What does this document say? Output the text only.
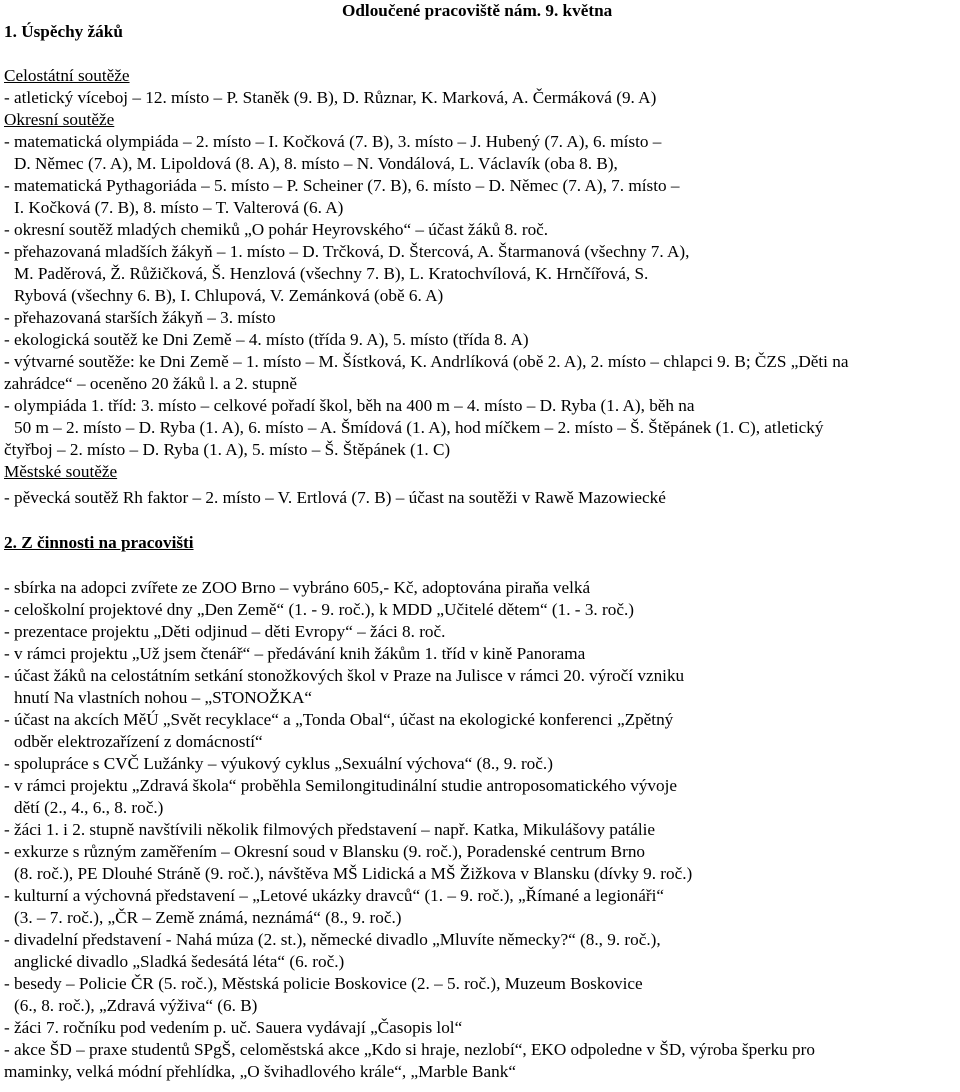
1. Úspěchy žáků
Odloučené pracoviště nám. 9. května
Celostátní soutěže
- atletický víceboj – 12. místo – P. Staněk (9. B), D. Různar, K. Marková, A. Čermáková (9. A)
Okresní soutěže
- matematická olympiáda – 2. místo – I. Kočková (7. B), 3. místo – J. Hubený (7. A), 6. místo –
D. Němec (7. A), M. Lipoldová (8. A), 8. místo – N. Vondálová, L. Václavík (oba 8. B),
- matematická Pythagoriáda – 5. místo – P. Scheiner (7. B), 6. místo – D. Němec (7. A), 7. místo –
I. Kočková (7. B), 8. místo – T. Valterová (6. A)
- okresní soutěž mladých chemiků „O pohár Heyrovského“ – účast žáků 8. roč.
- přehazovaná mladších žákyň – 1. místo – D. Trčková, D. Štercová, A. Štarmanová (všechny 7. A),
M. Paděrová, Ž. Růžičková, Š. Henzlová (všechny 7. B), L. Kratochvílová, K. Hrnčířová, S.
Rybová (všechny 6. B), I. Chlupová, V. Zemánková (obě 6. A)
- přehazovaná starších žákyň – 3. místo
- ekologická soutěž ke Dni Země – 4. místo (třída 9. A), 5. místo (třída 8. A)
- výtvarné soutěže: ke Dni Země – 1. místo – M. Šístková, K. Andrlíková (obě 2. A), 2. místo – chlapci 9. B; ČZS „Děti na
zahrádce“ – oceněno 20 žáků l. a 2. stupně
- olympiáda 1. tříd: 3. místo – celkové pořadí škol, běh na 400 m – 4. místo – D. Ryba (1. A), běh na
50 m – 2. místo – D. Ryba (1. A), 6. místo – A. Šmídová (1. A), hod míčkem – 2. místo – Š. Štěpánek (1. C), atletický
čtyřboj – 2. místo – D. Ryba (1. A), 5. místo – Š. Štěpánek (1. C)
Městské soutěže
- pěvecká soutěž Rh faktor – 2. místo – V. Ertlová (7. B) – účast na soutěži v Rawě Mazowiecké
2. Z činnosti na pracovišti
- sbírka na adopci zvířete ze ZOO Brno – vybráno 605,- Kč, adoptována piraňa velká
- celoškolní projektové dny „Den Země“ (1. - 9. roč.), k MDD „Učitelé dětem“ (1. - 3. roč.)
- prezentace projektu „Děti odjinud – děti Evropy“ – žáci 8. roč.
- v rámci projektu „Už jsem čtenář“ – předávání knih žákům 1. tříd v kině Panorama
- účast žáků na celostátním setkání stonožkových škol v Praze na Julisce v rámci 20. výročí vzniku
hnutí Na vlastních nohou – „STONOŽKA“
- účast na akcích MěÚ „Svět recyklace“ a „Tonda Obal“, účast na ekologické konferenci „Zpětný
odběr elektrozařízení z domácností“
- spolupráce s CVČ Lužánky – výukový cyklus „Sexuální výchova“ (8., 9. roč.)
- v rámci projektu „Zdravá škola“ proběhla Semilongitudinální studie antroposomatického vývoje
dětí (2., 4., 6., 8. roč.)
- žáci 1. i 2. stupně navštívili několik filmových představení – např. Katka, Mikulášovy patálie
- exkurze s různým zaměřením – Okresní soud v Blansku (9. roč.), Poradenské centrum Brno
(8. roč.), PE Dlouhé Stráně (9. roč.), návštěva MŠ Lidická a MŠ Žižkova v Blansku (dívky 9. roč.)
- kulturní a výchovná představení – „Letové ukázky dravců“ (1. – 9. roč.), „Římané a legionáři“
(3. – 7. roč.), „ČR – Země známá, neznámá“ (8., 9. roč.)
- divadelní představení - Nahá múza (2. st.), německé divadlo „Mluvíte německy?“ (8., 9. roč.),
anglické divadlo „Sladká šedesátá léta“ (6. roč.)
- besedy – Policie ČR (5. roč.), Městská policie Boskovice (2. – 5. roč.), Muzeum Boskovice
(6., 8. roč.), „Zdravá výživa“ (6. B)
- žáci 7. ročníku pod vedením p. uč. Sauera vydávají „Časopis lol“
- akce ŠD – praxe studentů SPgŠ, celoměstská akce „Kdo si hraje, nezlobí“, EKO odpoledne v ŠD, výroba šperku pro
maminky, velká módní přehlídka, „O švihadlového krále“, „Marble Bank“
